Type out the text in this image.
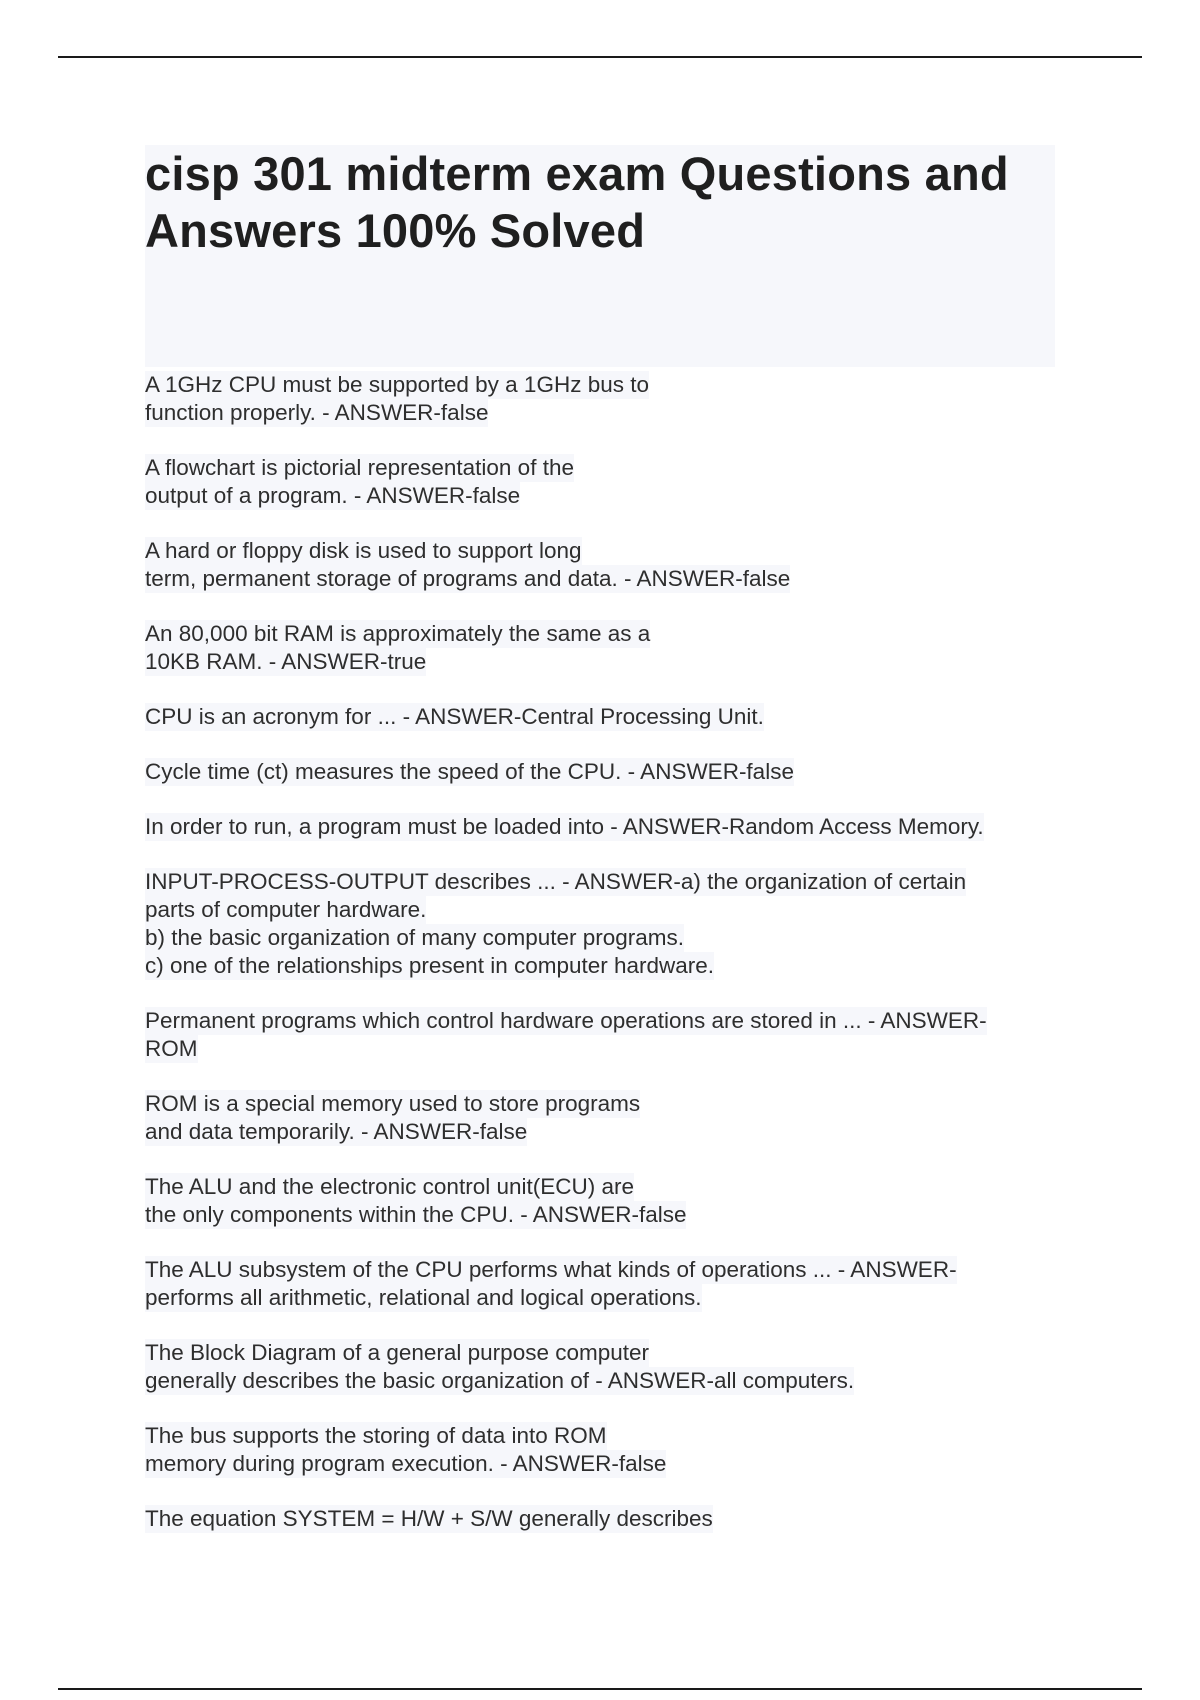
cisp 301 midterm exam Questions and
Answers 100% Solved
A 1GHz CPU must be supported by a 1GHz bus to
function properly. - ANSWER-false
A flowchart is pictorial representation of the
output of a program. - ANSWER-false
A hard or floppy disk is used to support long
term, permanent storage of programs and data. - ANSWER-false
An 80,000 bit RAM is approximately the same as a
10KB RAM. - ANSWER-true
CPU is an acronym for ... - ANSWER-Central Processing Unit.
Cycle time (ct) measures the speed of the CPU. - ANSWER-false
In order to run, a program must be loaded into - ANSWER-Random Access Memory.
INPUT-PROCESS-OUTPUT describes ... - ANSWER-a) the organization of certain
parts of computer hardware.
b) the basic organization of many computer programs.
c) one of the relationships present in computer hardware.
Permanent programs which control hardware operations are stored in ... - ANSWER-
ROM
ROM is a special memory used to store programs
and data temporarily. - ANSWER-false
The ALU and the electronic control unit(ECU) are
the only components within the CPU. - ANSWER-false
The ALU subsystem of the CPU performs what kinds of operations ... - ANSWER-
performs all arithmetic, relational and logical operations.
The Block Diagram of a general purpose computer
generally describes the basic organization of - ANSWER-all computers.
The bus supports the storing of data into ROM
memory during program execution. - ANSWER-false
The equation SYSTEM = H/W + S/W generally describes
